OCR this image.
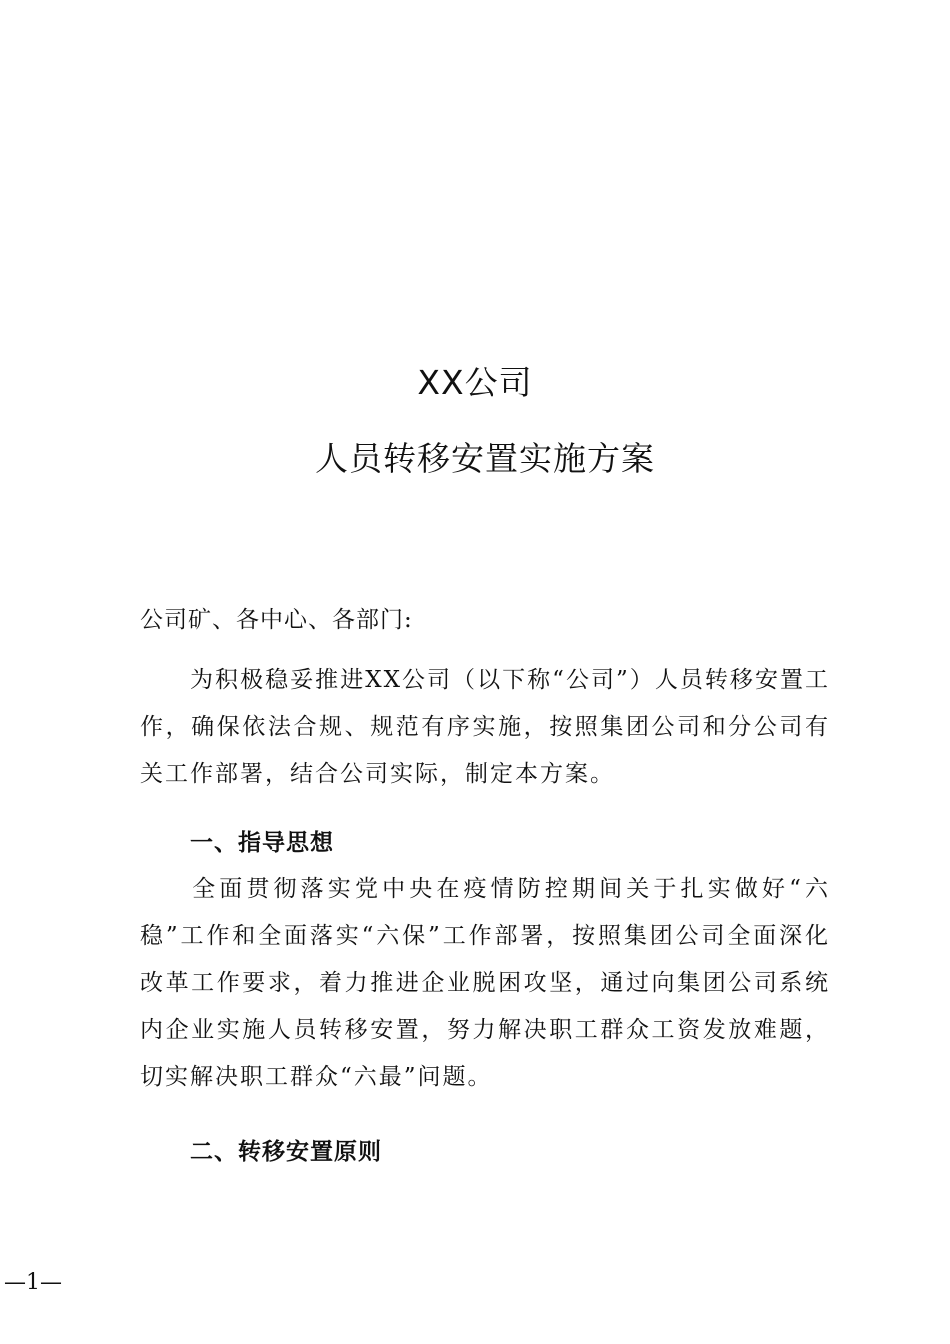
XX公司
人员转移安置实施方案
公司矿、各中心、各部门:
为积极稳妥推进XX公司（以下称“公司”）人员转移安置工作，确保依法合规、规范有序实施，按照集团公司和分公司有关工作部署，结合公司实际，制定本方案。
一、指导思想
全面贯彻落实党中央在疫情防控期间关于扎实做好“六稳”工作和全面落实“六保”工作部署，按照集团公司全面深化改革工作要求，着力推进企业脱困攻坚，通过向集团公司系统内企业实施人员转移安置，努力解决职工群众工资发放难题，切实解决职工群众“六最”问题。
二、转移安置原则
—1—
